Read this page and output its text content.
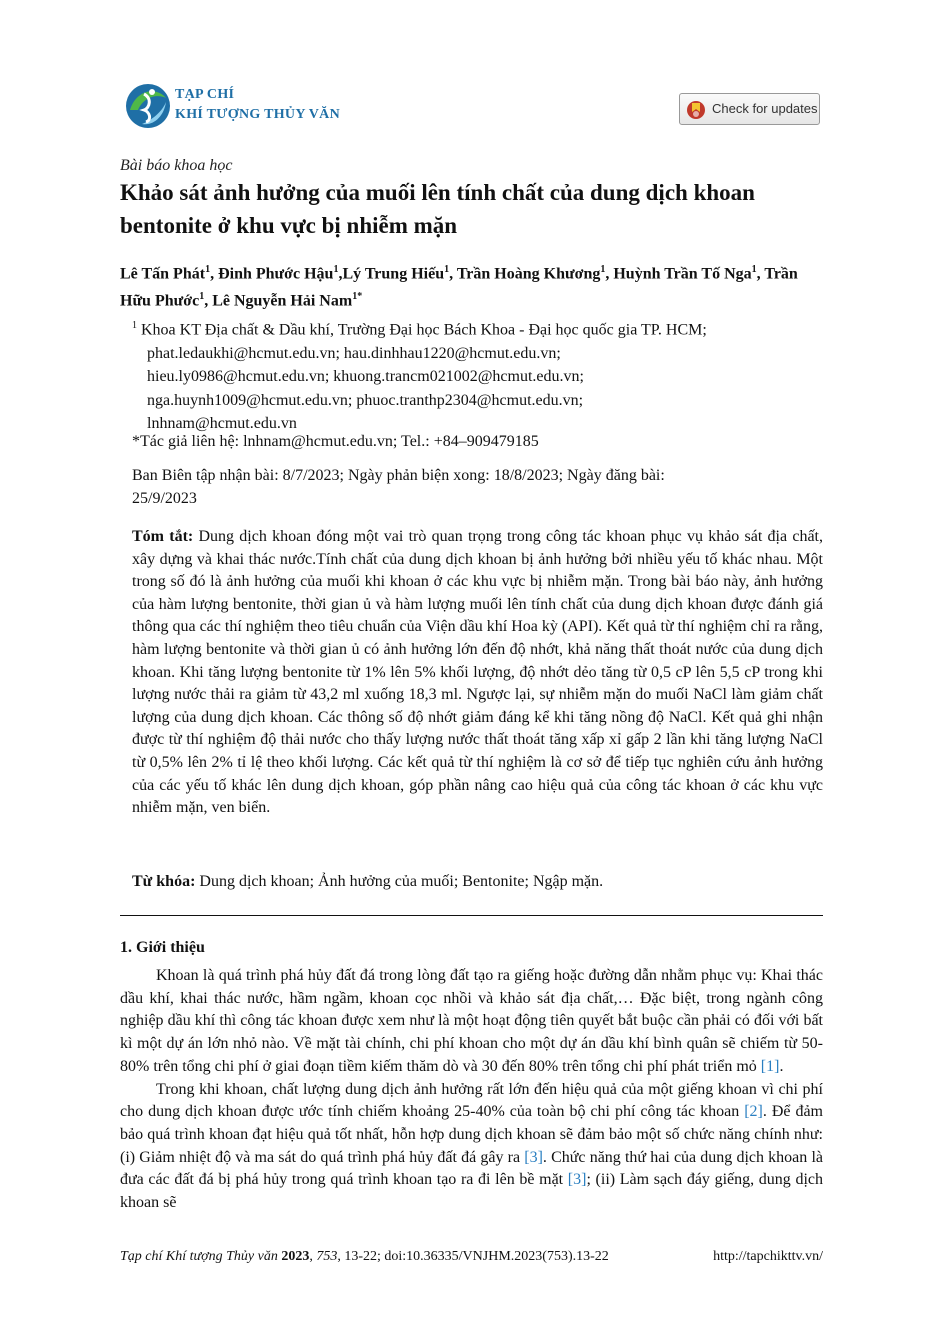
TẠP CHÍ
KHÍ TƯỢNG THỦY VĂN	Check for updates
Bài báo khoa học
Khảo sát ảnh hưởng của muối lên tính chất của dung dịch khoan bentonite ở khu vực bị nhiễm mặn
Lê Tấn Phát$^1$, Đinh Phước Hậu$^1$,Lý Trung Hiếu$^1$, Trần Hoàng Khương$^1$, Huỳnh Trần Tố Nga$^1$, Trần Hữu Phước$^1$, Lê Nguyễn Hải Nam$^{1*}$
$^1$ Khoa KT Địa chất & Dầu khí, Trường Đại học Bách Khoa - Đại học quốc gia TP. HCM;
phat.ledaukhi@hcmut.edu.vn; hau.dinhhau1220@hcmut.edu.vn;
hieu.ly0986@hcmut.edu.vn; khuong.trancm021002@hcmut.edu.vn;
nga.huynh1009@hcmut.edu.vn; phuoc.tranthp2304@hcmut.edu.vn;
lnhnam@hcmut.edu.vn
*Tác giả liên hệ: lnhnam@hcmut.edu.vn; Tel.: +84–909479185
Ban Biên tập nhận bài: 8/7/2023; Ngày phản biện xong: 18/8/2023; Ngày đăng bài:
25/9/2023
Tóm tắt: Dung dịch khoan đóng một vai trò quan trọng trong công tác khoan phục vụ khảo sát địa chất, xây dựng và khai thác nước.Tính chất của dung dịch khoan bị ảnh hưởng bởi nhiều yếu tố khác nhau. Một trong số đó là ảnh hưởng của muối khi khoan ở các khu vực bị nhiễm mặn. Trong bài báo này, ảnh hưởng của hàm lượng bentonite, thời gian ủ và hàm lượng muối lên tính chất của dung dịch khoan được đánh giá thông qua các thí nghiệm theo tiêu chuẩn của Viện dầu khí Hoa kỳ (API). Kết quả từ thí nghiệm chỉ ra rằng, hàm lượng bentonite và thời gian ủ có ảnh hưởng lớn đến độ nhớt, khả năng thất thoát nước của dung dịch khoan. Khi tăng lượng bentonite từ 1% lên 5% khối lượng, độ nhớt dẻo tăng từ 0,5 cP lên 5,5 cP trong khi lượng nước thải ra giảm từ 43,2 ml xuống 18,3 ml. Ngược lại, sự nhiễm mặn do muối NaCl làm giảm chất lượng của dung dịch khoan. Các thông số độ nhớt giảm đáng kể khi tăng nồng độ NaCl. Kết quả ghi nhận được từ thí nghiệm độ thải nước cho thấy lượng nước thất thoát tăng xấp xỉ gấp 2 lần khi tăng lượng NaCl từ 0,5% lên 2% tỉ lệ theo khối lượng. Các kết quả từ thí nghiệm là cơ sở để tiếp tục nghiên cứu ảnh hưởng của các yếu tố khác lên dung dịch khoan, góp phần nâng cao hiệu quả của công tác khoan ở các khu vực nhiễm mặn, ven biển.
Từ khóa: Dung dịch khoan; Ảnh hưởng của muối; Bentonite; Ngập mặn.
1. Giới thiệu

Khoan là quá trình phá hủy đất đá trong lòng đất tạo ra giếng hoặc đường dẫn nhằm phục vụ: Khai thác dầu khí, khai thác nước, hầm ngầm, khoan cọc nhồi và khảo sát địa chất,… Đặc biệt, trong ngành công nghiệp dầu khí thì công tác khoan được xem như là một hoạt động tiên quyết bắt buộc cần phải có đối với bất kì một dự án lớn nhỏ nào. Về mặt tài chính, chi phí khoan cho một dự án dầu khí bình quân sẽ chiếm từ 50-80% trên tổng chi phí ở giai đoạn tiềm kiếm thăm dò và 30 đến 80% trên tổng chi phí phát triển mỏ [1].

Trong khi khoan, chất lượng dung dịch ảnh hưởng rất lớn đến hiệu quả của một giếng khoan vì chi phí cho dung dịch khoan được ước tính chiếm khoảng 25-40% của toàn bộ chi phí công tác khoan [2]. Để đảm bảo quá trình khoan đạt hiệu quả tốt nhất, hỗn hợp dung dịch khoan sẽ đảm bảo một số chức năng chính như: (i) Giảm nhiệt độ và ma sát do quá trình phá hủy đất đá gây ra [3]. Chức năng thứ hai của dung dịch khoan là đưa các đất đá bị phá hủy trong quá trình khoan tạo ra đi lên bề mặt [3]; (ii) Làm sạch đáy giếng, dung dịch khoan sẽ

Tạp chí Khí tượng Thủy văn 2023, 753, 13-22; doi:10.36335/VNJHM.2023(753).13-22	http://tapchikttv.vn/
